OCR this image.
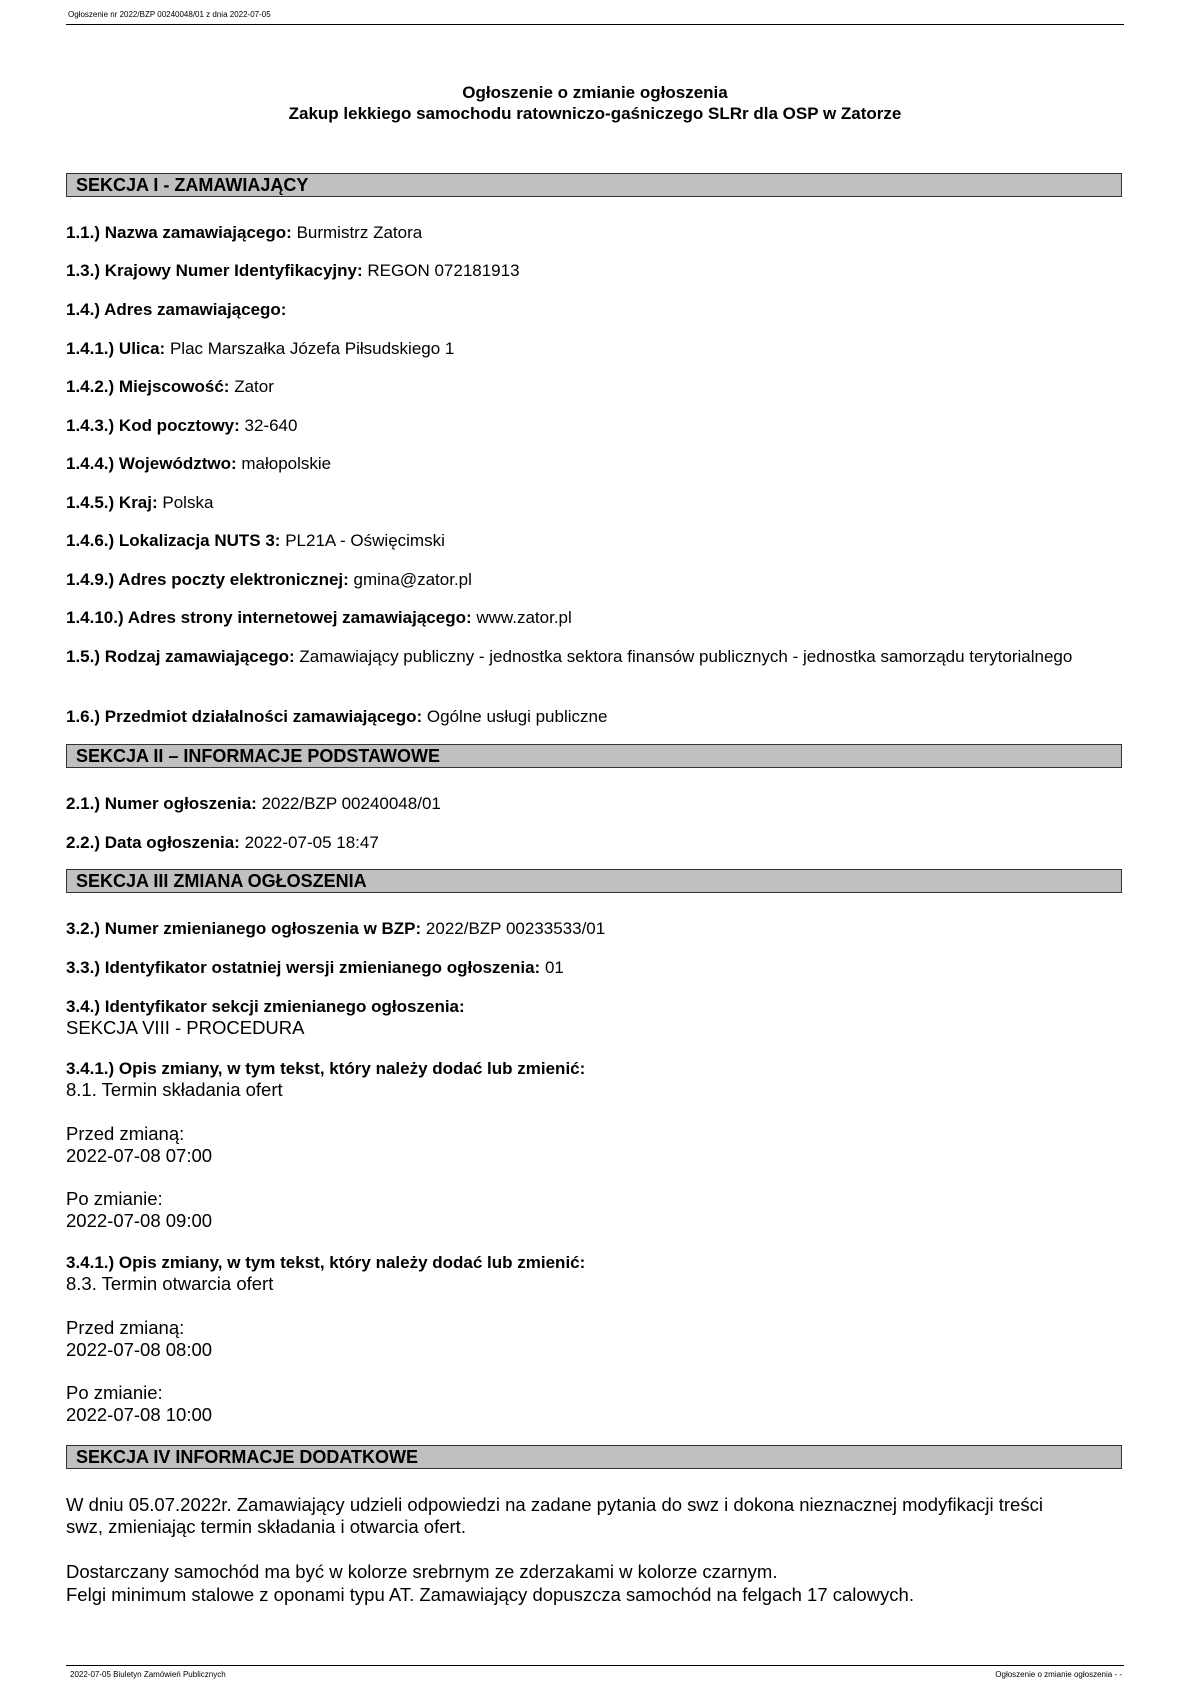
Ogłoszenie nr 2022/BZP 00240048/01 z dnia 2022-07-05
Ogłoszenie o zmianie ogłoszenia
Zakup lekkiego samochodu ratowniczo-gaśniczego SLRr dla OSP w Zatorze
SEKCJA I - ZAMAWIAJĄCY
1.1.) Nazwa zamawiającego: Burmistrz Zatora
1.3.) Krajowy Numer Identyfikacyjny: REGON 072181913
1.4.) Adres zamawiającego:
1.4.1.) Ulica: Plac Marszałka Józefa Piłsudskiego 1
1.4.2.) Miejscowość: Zator
1.4.3.) Kod pocztowy: 32-640
1.4.4.) Województwo: małopolskie
1.4.5.) Kraj: Polska
1.4.6.) Lokalizacja NUTS 3: PL21A - Oświęcimski
1.4.9.) Adres poczty elektronicznej: gmina@zator.pl
1.4.10.) Adres strony internetowej zamawiającego: www.zator.pl
1.5.) Rodzaj zamawiającego: Zamawiający publiczny - jednostka sektora finansów publicznych - jednostka samorządu terytorialnego
1.6.) Przedmiot działalności zamawiającego: Ogólne usługi publiczne
SEKCJA II – INFORMACJE PODSTAWOWE
2.1.) Numer ogłoszenia: 2022/BZP 00240048/01
2.2.) Data ogłoszenia: 2022-07-05 18:47
SEKCJA III ZMIANA OGŁOSZENIA
3.2.) Numer zmienianego ogłoszenia w BZP: 2022/BZP 00233533/01
3.3.) Identyfikator ostatniej wersji zmienianego ogłoszenia: 01
3.4.) Identyfikator sekcji zmienianego ogłoszenia:
SEKCJA VIII - PROCEDURA
3.4.1.) Opis zmiany, w tym tekst, który należy dodać lub zmienić:
8.1. Termin składania ofert
Przed zmianą:
2022-07-08 07:00
Po zmianie:
2022-07-08 09:00
3.4.1.) Opis zmiany, w tym tekst, który należy dodać lub zmienić:
8.3. Termin otwarcia ofert
Przed zmianą:
2022-07-08 08:00
Po zmianie:
2022-07-08 10:00
SEKCJA IV INFORMACJE DODATKOWE
W dniu 05.07.2022r. Zamawiający udzieli odpowiedzi na zadane pytania do swz i dokona nieznacznej modyfikacji treści
swz, zmieniając termin składania i otwarcia ofert.
Dostarczany samochód ma być w kolorze srebrnym ze zderzakami w kolorze czarnym.
Felgi minimum stalowe z oponami typu AT. Zamawiający dopuszcza samochód na felgach 17 calowych.
2022-07-05 Biuletyn Zamówień Publicznych	Ogłoszenie o zmianie ogłoszenia - -
